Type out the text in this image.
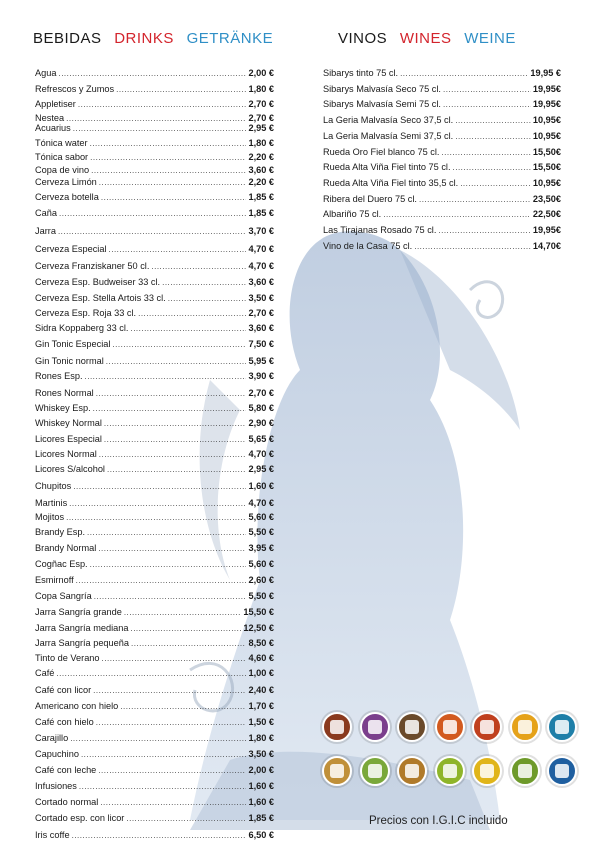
BEBIDAS DRINKS GETRÄNKE	VINOS WINES WEINE
Agua .....	2,00 €
Refrescos y Zumos .....	1,80 €
Appletiser .....	2,70 €
Nestea .....	2,70 €
Acuarius .....	2,95 €
Tónica water .....	1,80 €
Tónica sabor .....	2,20 €
Copa de vino .....	3,60 €
Cerveza Limón .....	2,20 €
Cerveza botella .....	1,85 €
Caña .....	1,85 €
Jarra .....	3,70 €
Cerveza Especial .....	4,70 €
Cerveza Franziskaner 50 cl. .....	4,70 €
Cerveza Esp. Budweiser 33 cl. .....	3,60 €
Cerveza Esp. Stella Artois 33 cl. .....	3,50 €
Cerveza Esp. Roja 33 cl. .....	2,70 €
Sidra Koppaberg 33 cl. .....	3,60 €
Gin Tonic Especial .....	7,50 €
Gin Tonic normal .....	5,95 €
Rones Esp. .....	3,90 €
Rones Normal .....	2,70 €
Whiskey Esp. .....	5,80 €
Whiskey Normal .....	2,90 €
Licores Especial .....	5,65 €
Licores Normal .....	4,70 €
Licores S/alcohol .....	2,95 €
Chupitos .....	1,60 €
Martinis .....	4,70 €
Mojitos .....	5,60 €
Brandy Esp. .....	5,50 €
Brandy Normal .....	3,95 €
Cogñac Esp. .....	5,60 €
Esmirnoff .....	2,60 €
Copa Sangría .....	5,50 €
Jarra Sangría grande .....	15,50 €
Jarra Sangría mediana .....	12,50 €
Jarra Sangría pequeña .....	8,50 €
Tinto de Verano .....	4,60 €
Café .....	1,00 €
Café con licor .....	2,40 €
Americano con hielo .....	1,70 €
Café con hielo .....	1,50 €
Carajillo .....	1,80 €
Capuchino .....	3,50 €
Café con leche .....	2,00 €
Infusiones .....	1,60 €
Cortado normal .....	1,60 €
Cortado esp. con licor .....	1,85 €
Iris coffe .....	6,50 €
Sibarys tinto 75 cl. .....	19,95 €
Sibarys Malvasía Seco 75 cl. .....	19,95€
Sibarys Malvasía Semi 75 cl. .....	19,95€
La Geria Malvasía Seco 37,5 cl. .....	10,95€
La Geria Malvasía Semi 37,5 cl. .....	10,95€
Rueda Oro Fiel blanco 75 cl. .....	15,50€
Rueda Alta Viña Fiel tinto 75 cl. .....	15,50€
Rueda Alta Viña Fiel tinto 35,5 cl. .....	10,95€
Ribera del Duero 75 cl. .....	23,50€
Albariño 75 cl. .....	22,50€
Las Tirajanas Rosado 75 cl. .....	19,95€
Vino de la Casa 75 cl. .....	14,70€
Precios con I.G.I.C incluido
